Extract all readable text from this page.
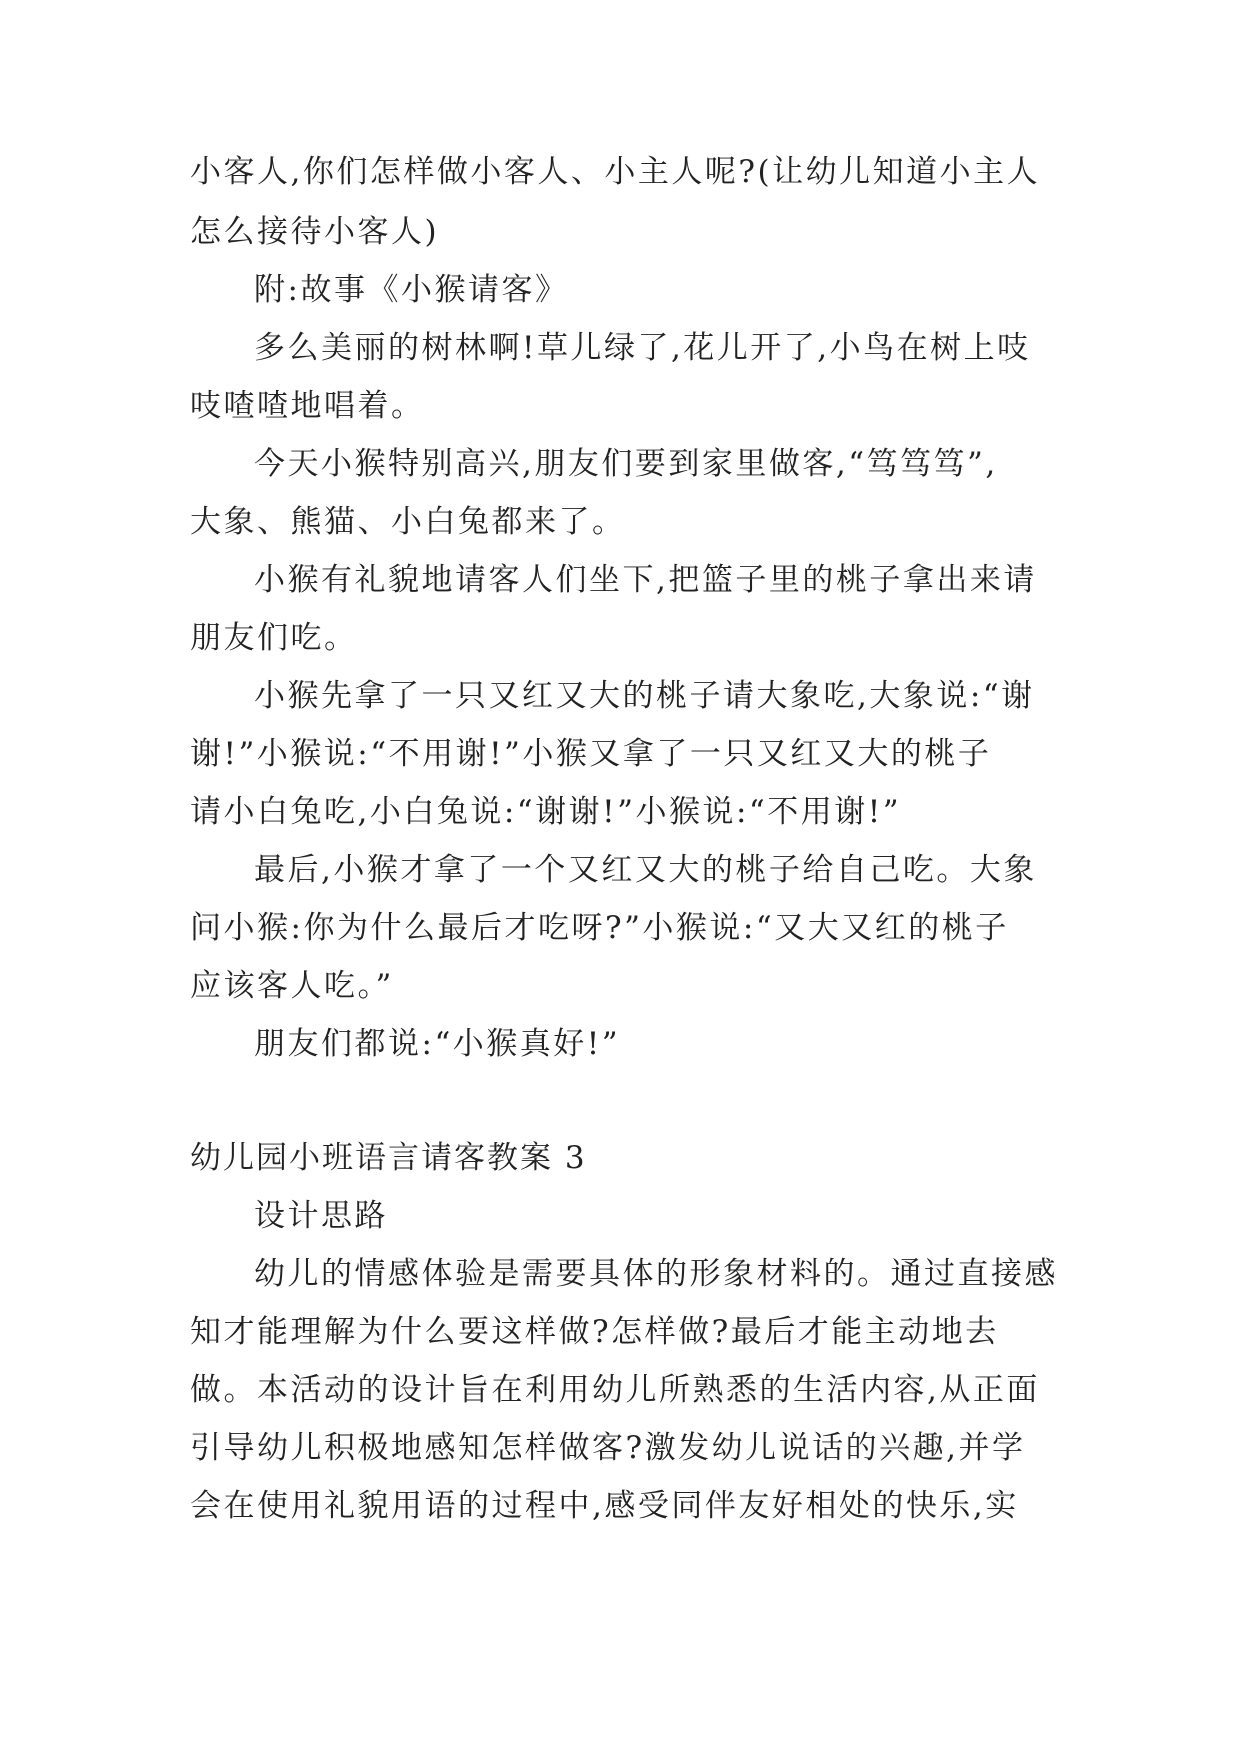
小客人,你们怎样做小客人、小主人呢?(让幼儿知道小主人
怎么接待小客人)
附:故事《小猴请客》
多么美丽的树林啊!草儿绿了,花儿开了,小鸟在树上吱
吱喳喳地唱着。
今天小猴特别高兴,朋友们要到家里做客,“笃笃笃”,
大象、熊猫、小白兔都来了。
小猴有礼貌地请客人们坐下,把篮子里的桃子拿出来请
朋友们吃。
小猴先拿了一只又红又大的桃子请大象吃,大象说:“谢
谢!”小猴说:“不用谢!”小猴又拿了一只又红又大的桃子
请小白兔吃,小白兔说:“谢谢!”小猴说:“不用谢!”
最后,小猴才拿了一个又红又大的桃子给自己吃。大象
问小猴:你为什么最后才吃呀?”小猴说:“又大又红的桃子
应该客人吃。”
朋友们都说:“小猴真好!”
幼儿园小班语言请客教案 3
设计思路
幼儿的情感体验是需要具体的形象材料的。通过直接感
知才能理解为什么要这样做?怎样做?最后才能主动地去
做。本活动的设计旨在利用幼儿所熟悉的生活内容,从正面
引导幼儿积极地感知怎样做客?激发幼儿说话的兴趣,并学
会在使用礼貌用语的过程中,感受同伴友好相处的快乐,实
